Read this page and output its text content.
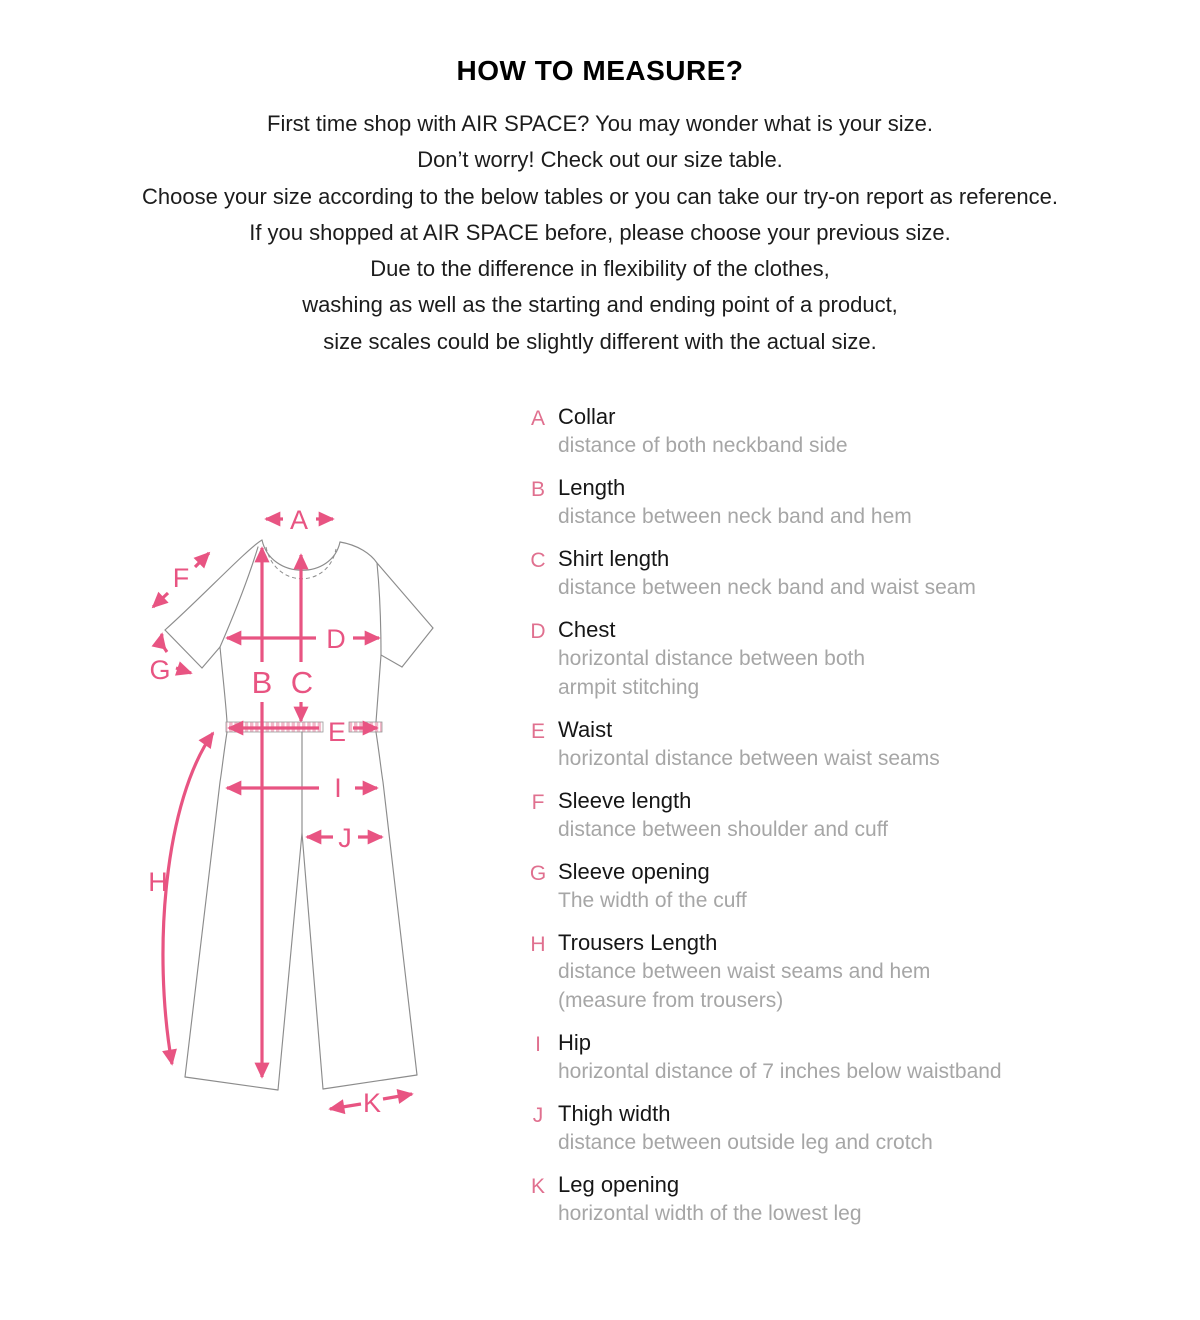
HOW TO MEASURE?
First time shop with AIR SPACE? You may wonder what is your size.
Don’t worry! Check out our size table.
Choose your size according to the below tables or you can take our try-on report as reference.
If you shopped at AIR SPACE before, please choose your previous size.
Due to the difference in flexibility of the clothes,
washing as well as the starting and ending point of a product,
size scales could be slightly different with the actual size.
A
B C
D
E
F
G
H
I
J
K
A Collar
distance of both neckband side
B Length
distance between neck band and hem
C Shirt length
distance between neck band and waist seam
D Chest
horizontal distance between both
armpit stitching
E Waist
horizontal distance between waist seams
F Sleeve length
distance between shoulder and cuff
G Sleeve opening
The width of the cuff
H Trousers Length
distance between waist seams and hem
(measure from trousers)
I Hip
horizontal distance of 7 inches below waistband
J Thigh width
distance between outside leg and crotch
K Leg opening
horizontal width of the lowest leg
